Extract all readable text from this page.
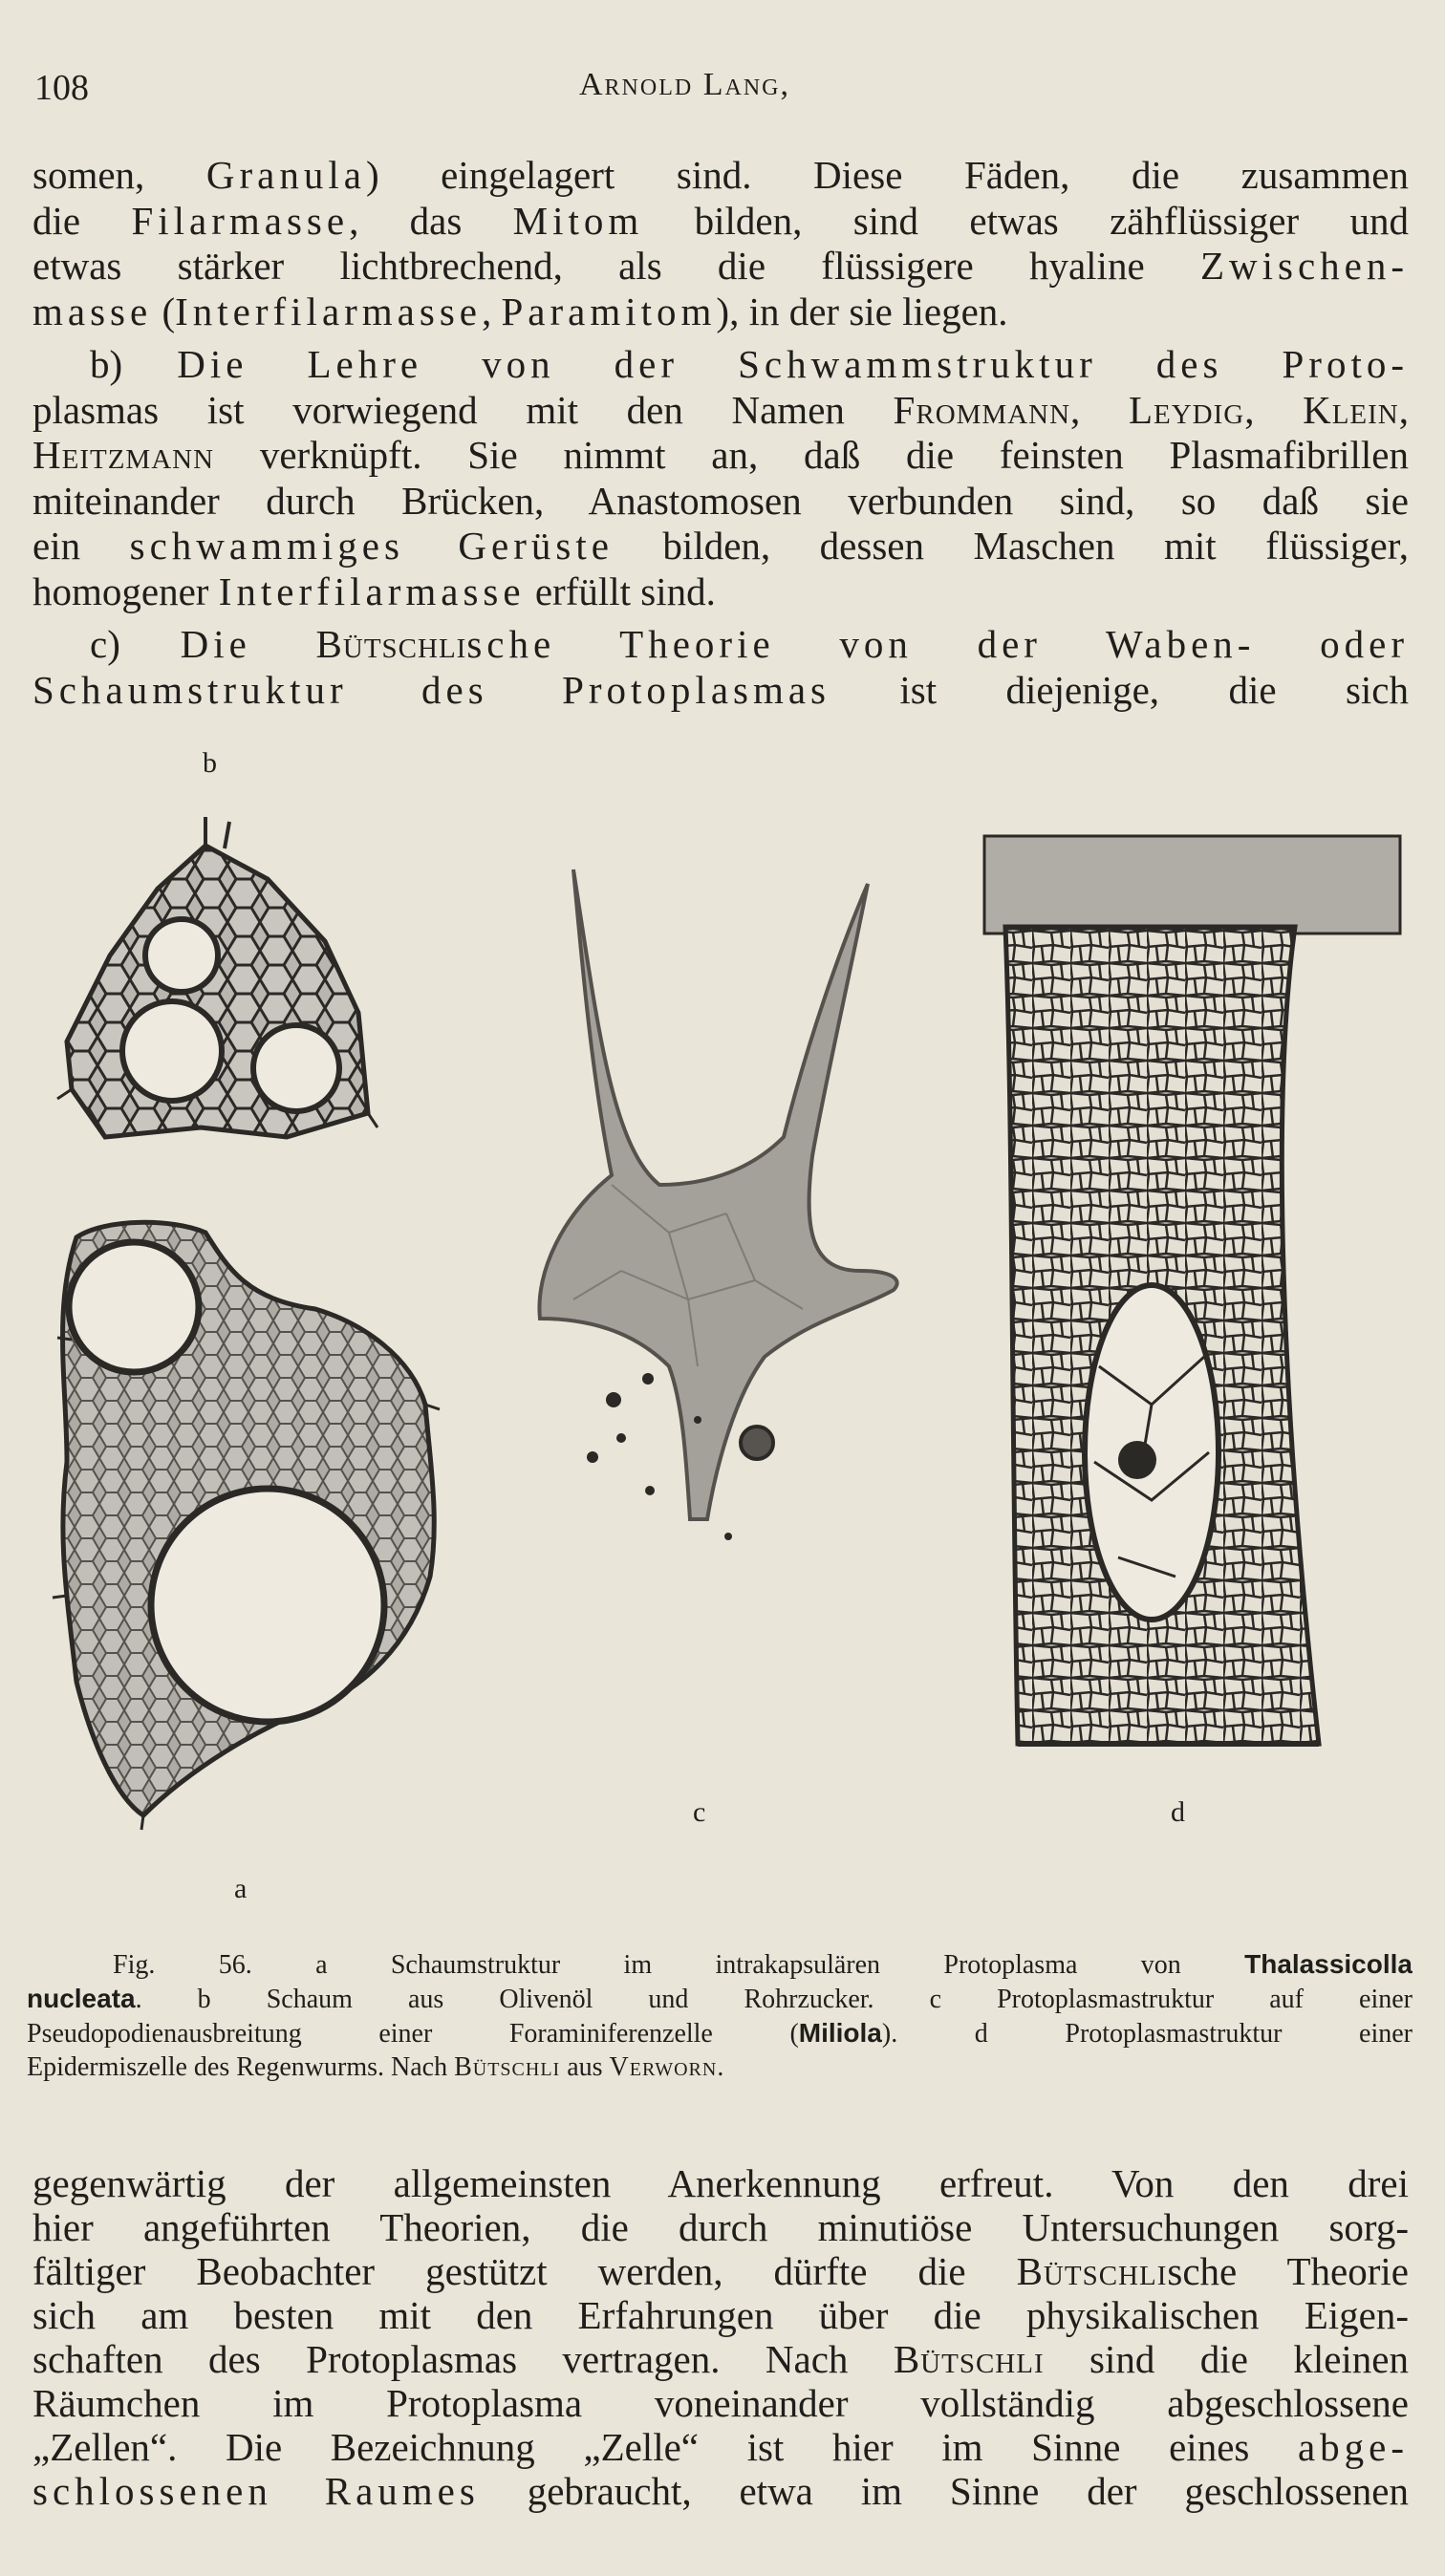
108	Arnold Lang,
somen, Granula) eingelagert sind. Diese Fäden, die zusammen
die Filarmasse, das Mitom bilden, sind etwas zähflüssiger und
etwas stärker lichtbrechend, als die flüssigere hyaline Zwischen-
masse (Interfilarmasse, Paramitom), in der sie liegen.
b) Die Lehre von der Schwammstruktur des Proto-
plasmas ist vorwiegend mit den Namen Frommann, Leydig, Klein,
Heitzmann verknüpft. Sie nimmt an, daß die feinsten Plasmafibrillen
miteinander durch Brücken, Anastomosen verbunden sind, so daß sie
ein schwammiges Gerüste bilden, dessen Maschen mit flüssiger,
homogener Interfilarmasse erfüllt sind.
c) Die Bütschlische Theorie von der Waben- oder
Schaumstruktur des Protoplasmas ist diejenige, die sich
b
a
c	d
Fig. 56. a Schaumstruktur im intrakapsulären Protoplasma von Thalassicolla
nucleata. b Schaum aus Olivenöl und Rohrzucker. c Protoplasmastruktur auf einer
Pseudopodienausbreitung einer Foraminiferenzelle (Miliola). d Protoplasmastruktur einer
Epidermiszelle des Regenwurms. Nach Bütschli aus Verworn.
gegenwärtig der allgemeinsten Anerkennung erfreut. Von den drei
hier angeführten Theorien, die durch minutiöse Untersuchungen sorg-
fältiger Beobachter gestützt werden, dürfte die Bütschlische Theorie
sich am besten mit den Erfahrungen über die physikalischen Eigen-
schaften des Protoplasmas vertragen. Nach Bütschli sind die kleinen
Räumchen im Protoplasma voneinander vollständig abgeschlossene
„Zellen“. Die Bezeichnung „Zelle“ ist hier im Sinne eines abge-
schlossenen Raumes gebraucht, etwa im Sinne der geschlossenen
